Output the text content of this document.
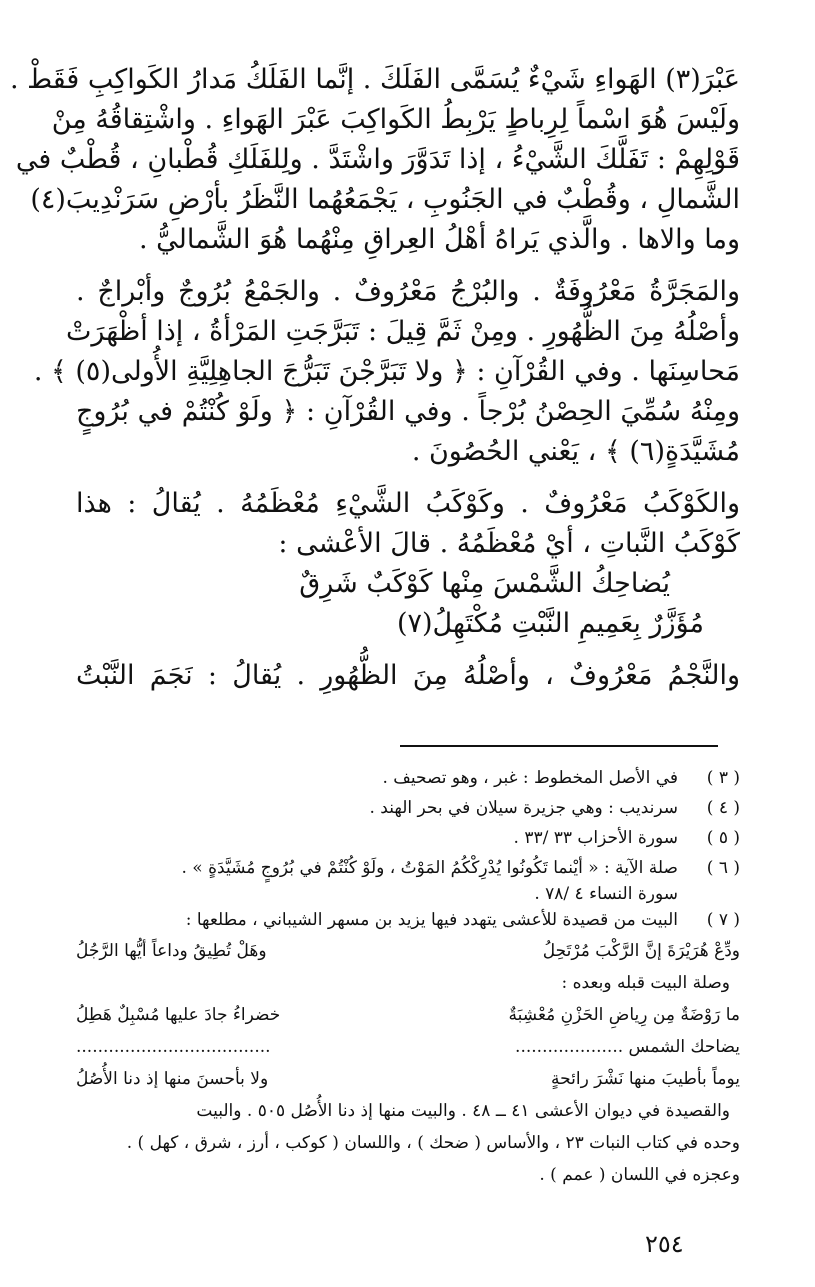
عَبْرَ(٣) الهَواءِ شَيْءٌ يُسَمَّى الفَلَكَ . إنَّما الفَلَكُ مَدارُ الكَواكِبِ فَقَطْ .
ولَيْسَ هُوَ اسْماً لِرِباطٍ يَرْبِطُ الكَواكِبَ عَبْرَ الهَواءِ . واشْتِقاقُهُ مِنْ
قَوْلِهِمْ : تَفَلَّكَ الشَّيْءُ ، إذا تَدَوَّرَ واشْتَدَّ . ولِلفَلَكِ قُطْبانِ ، قُطْبٌ في
الشَّمالِ ، وقُطْبٌ في الجَنُوبِ ، يَجْمَعُهُما النَّظَرُ بأرْضِ سَرَنْدِيبَ(٤)
وما والاها . والَّذي يَراهُ أهْلُ العِراقِ مِنْهُما هُوَ الشَّماليُّ .
والمَجَرَّةُ مَعْرُوفَةٌ . والبُرْجُ مَعْرُوفٌ . والجَمْعُ بُرُوجٌ وأبْراجٌ .
وأصْلُهُ مِنَ الظُّهُورِ . ومِنْ ثَمَّ قِيلَ : تَبَرَّجَتِ المَرْأةُ ، إذا أظْهَرَتْ
مَحاسِنَها . وفي القُرْآنِ : ﴿ ولا تَبَرَّجْنَ تَبَرُّجَ الجاهِلِيَّةِ الأُولى(٥) ﴾ .
ومِنْهُ سُمِّيَ الحِصْنُ بُرْجاً . وفي القُرْآنِ : ﴿ ولَوْ كُنْتُمْ في بُرُوجٍ
مُشَيَّدَةٍ(٦) ﴾ ، يَعْني الحُصُونَ .
والكَوْكَبُ مَعْرُوفٌ . وكَوْكَبُ الشَّيْءِ مُعْظَمُهُ . يُقالُ : هذا
كَوْكَبُ النَّباتِ ، أيْ مُعْظَمُهُ . قالَ الأعْشى :
يُضاحِكُ الشَّمْسَ مِنْها كَوْكَبٌ شَرِقٌ
مُؤَزَّرٌ بِعَمِيمِ النَّبْتِ مُكْتَهِلُ(٧)
والنَّجْمُ مَعْرُوفٌ ، وأصْلُهُ مِنَ الظُّهُورِ . يُقالُ : نَجَمَ النَّبْتُ
( ٣ )
في الأصل المخطوط : غبر ، وهو تصحيف .
( ٤ )
سرنديب : وهي جزيرة سيلان في بحر الهند .
( ٥ )
سورة الأحزاب ٣٣ /٣٣ .
( ٦ )
صلة الآية : « أيْنما تَكُونُوا يُدْرِكْكُمُ المَوْتُ ، ولَوْ كُنْتُمْ في بُرُوجٍ مُشَيَّدَةٍ » .
سورة النساء ٤ /٧٨ .
( ٧ )
البيت من قصيدة للأعشى يتهدد فيها يزيد بن مسهر الشيباني ، مطلعها :
ودِّعْ هُرَيْرَةَ إنَّ الرَّكْبَ مُرْتَحِلُ
وهَلْ تُطِيقُ وداعاً أيُّها الرَّجُلُ
وصلة البيت قبله وبعده :
ما رَوْضَةٌ مِن رِياضِ الحَزْنِ مُعْشِبَةٌ
خضراءُ جادَ عليها مُسْبِلٌ هَطِلُ
يضاحك الشمس ....................
....................................
يوماً بأطيبَ منها نَشْرَ رائحةٍ
ولا بأحسنَ منها إذ دنا الأُصُلُ
والقصيدة في ديوان الأعشى ٤١ ــ ٤٨ . والبيت منها إذ دنا الأُصُل ٥٠٥ . والبيت
وحده في كتاب النبات ٢٣ ، والأساس ( ضحك ) ، واللسان ( كوكب ، أرز ، شرق ، كهل ) .
وعجزه في اللسان ( عمم ) .
٢٥٤
